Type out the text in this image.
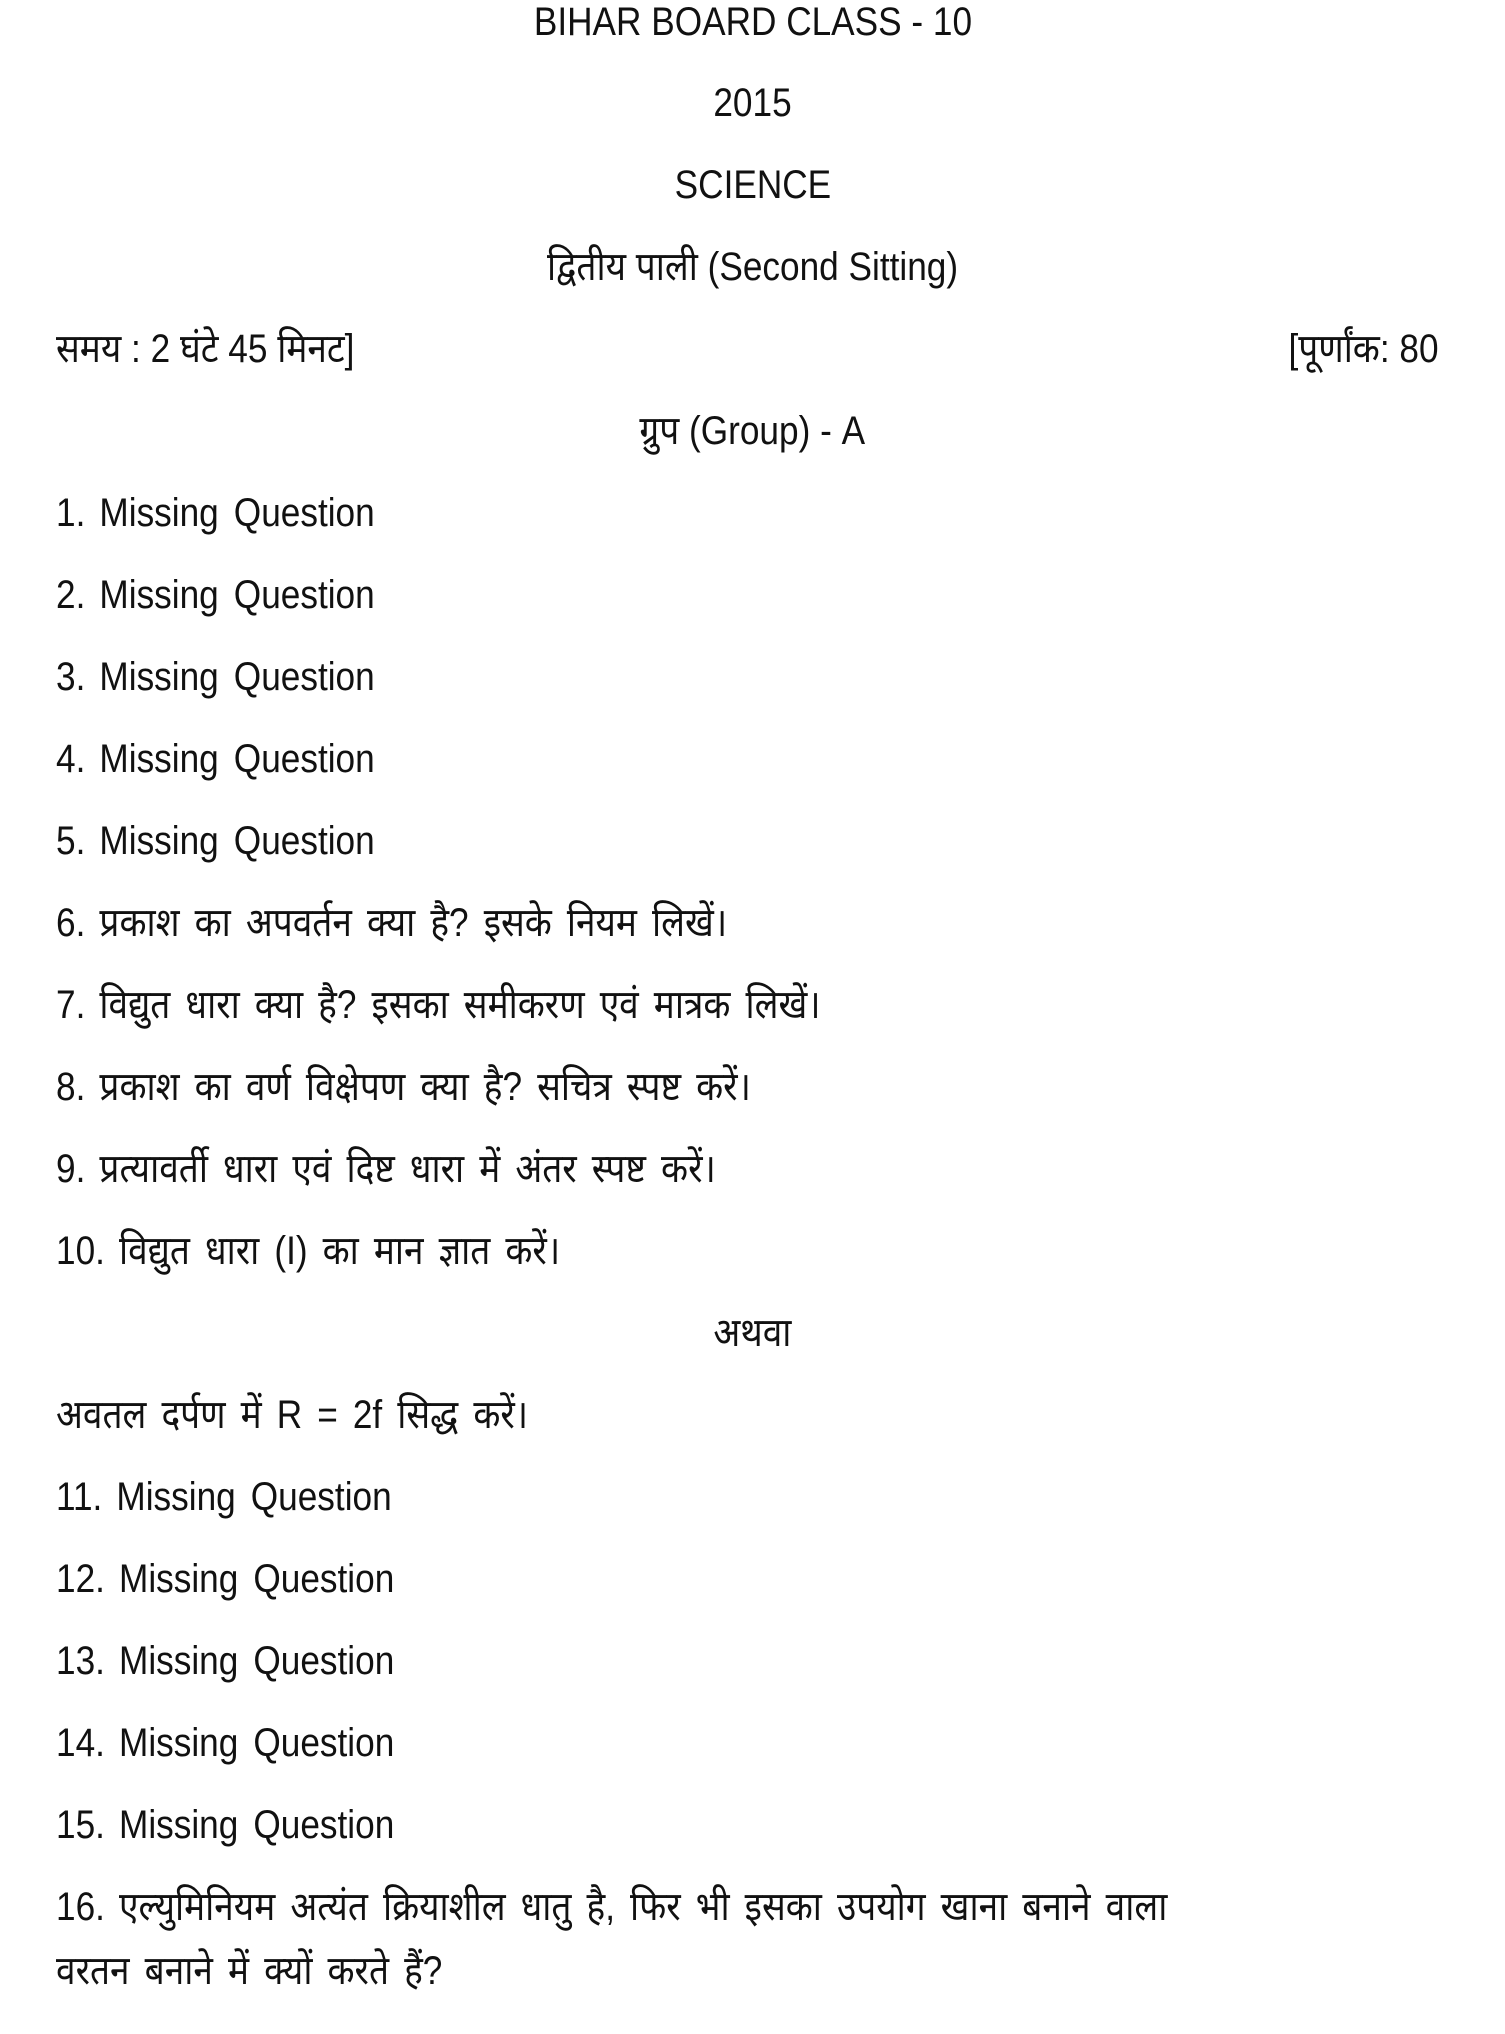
BIHAR BOARD CLASS - 10
2015
SCIENCE
द्वितीय पाली (Second Sitting)
समय : 2 घंटे 45 मिनट]	[पूर्णांक: 80
ग्रुप (Group) - A
1. Missing Question
2. Missing Question
3. Missing Question
4. Missing Question
5. Missing Question
6. प्रकाश का अपवर्तन क्या है? इसके नियम लिखें।
7. विद्युत धारा क्या है? इसका समीकरण एवं मात्रक लिखें।
8. प्रकाश का वर्ण विक्षेपण क्या है? सचित्र स्पष्ट करें।
9. प्रत्यावर्ती धारा एवं दिष्ट धारा में अंतर स्पष्ट करें।
10. विद्युत धारा (I) का मान ज्ञात करें।
अथवा
अवतल दर्पण में R = 2f सिद्ध करें।
11. Missing Question
12. Missing Question
13. Missing Question
14. Missing Question
15. Missing Question
16. एल्युमिनियम अत्यंत क्रियाशील धातु है, फिर भी इसका उपयोग खाना बनाने वाला
वरतन बनाने में क्यों करते हैं?
